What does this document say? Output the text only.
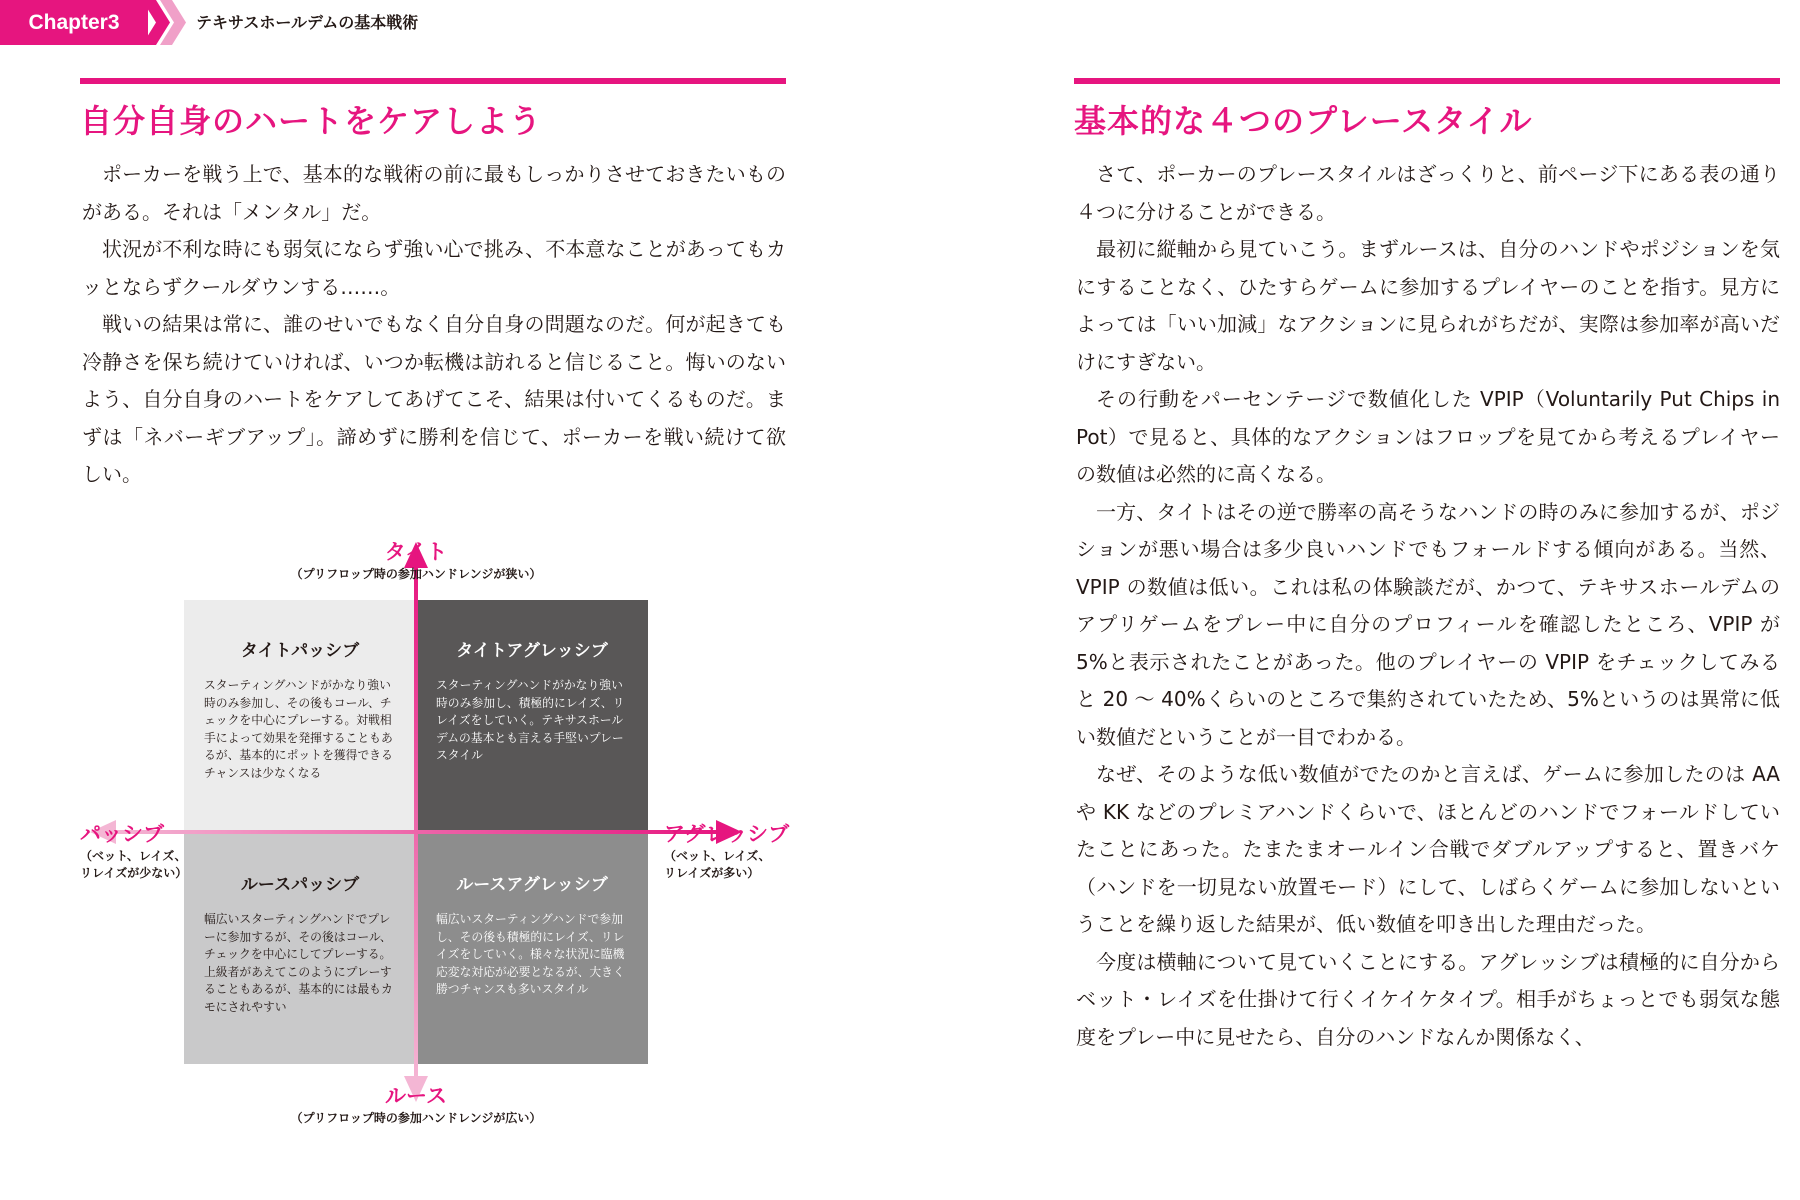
Chapter3	テキサスホールデムの基本戦術
自分自身のハートをケアしよう

ポーカーを戦う上で、基本的な戦術の前に最もしっかりさせておきたいものがある。それは「メンタル」だ。

状況が不利な時にも弱気にならず強い心で挑み、不本意なことがあってもカッとならずクールダウンする……。

戦いの結果は常に、誰のせいでもなく自分自身の問題なのだ。何が起きても冷静さを保ち続けていければ、いつか転機は訪れると信じること。悔いのないよう、自分自身のハートをケアしてあげてこそ、結果は付いてくるものだ。まずは「ネバーギブアップ」。諦めずに勝利を信じて、ポーカーを戦い続けて欲しい。

タイトパッシブ
スターティングハンドがかなり強い時のみ参加し、その後もコール、チェックを中心にプレーする。対戦相手によって効果を発揮することもあるが、基本的にポットを獲得できるチャンスは少なくなる
タイトアグレッシブ
スターティングハンドがかなり強い時のみ参加し、積極的にレイズ、リレイズをしていく。テキサスホールデムの基本とも言える手堅いプレースタイル
ルースパッシブ
幅広いスターティングハンドでプレーに参加するが、その後はコール、チェックを中心にしてプレーする。上級者があえてこのようにプレーすることもあるが、基本的には最もカモにされやすい
ルースアグレッシブ
幅広いスターティングハンドで参加し、その後も積極的にレイズ、リレイズをしていく。様々な状況に臨機応変な対応が必要となるが、大きく勝つチャンスも多いスタイル
タイト
（プリフロップ時の参加ハンドレンジが狭い）
ルース
（プリフロップ時の参加ハンドレンジが広い）
パッシブ
（ベット、レイズ、
リレイズが少ない）
アグレッシブ
（ベット、レイズ、
リレイズが多い）
基本的な４つのプレースタイル

さて、ポーカーのプレースタイルはざっくりと、前ページ下にある表の通り４つに分けることができる。

最初に縦軸から見ていこう。まずルースは、自分のハンドやポジションを気にすることなく、ひたすらゲームに参加するプレイヤーのことを指す。見方によっては「いい加減」なアクションに見られがちだが、実際は参加率が高いだけにすぎない。

その行動をパーセンテージで数値化した VPIP（Voluntarily Put Chips in Pot）で見ると、具体的なアクションはフロップを見てから考えるプレイヤーの数値は必然的に高くなる。

一方、タイトはその逆で勝率の高そうなハンドの時のみに参加するが、ポジションが悪い場合は多少良いハンドでもフォールドする傾向がある。当然、VPIP の数値は低い。これは私の体験談だが、かつて、テキサスホールデムのアプリゲームをプレー中に自分のプロフィールを確認したところ、VPIP が 5%と表示されたことがあった。他のプレイヤーの VPIP をチェックしてみると 20 ～ 40%くらいのところで集約されていたため、5%というのは異常に低い数値だということが一目でわかる。

なぜ、そのような低い数値がでたのかと言えば、ゲームに参加したのは AA や KK などのプレミアハンドくらいで、ほとんどのハンドでフォールドしていたことにあった。たまたまオールイン合戦でダブルアップすると、置きバケ（ハンドを一切見ない放置モード）にして、しばらくゲームに参加しないということを繰り返した結果が、低い数値を叩き出した理由だった。

今度は横軸について見ていくことにする。アグレッシブは積極的に自分からベット・レイズを仕掛けて行くイケイケタイプ。相手がちょっとでも弱気な態度をプレー中に見せたら、自分のハンドなんか関係なく、
